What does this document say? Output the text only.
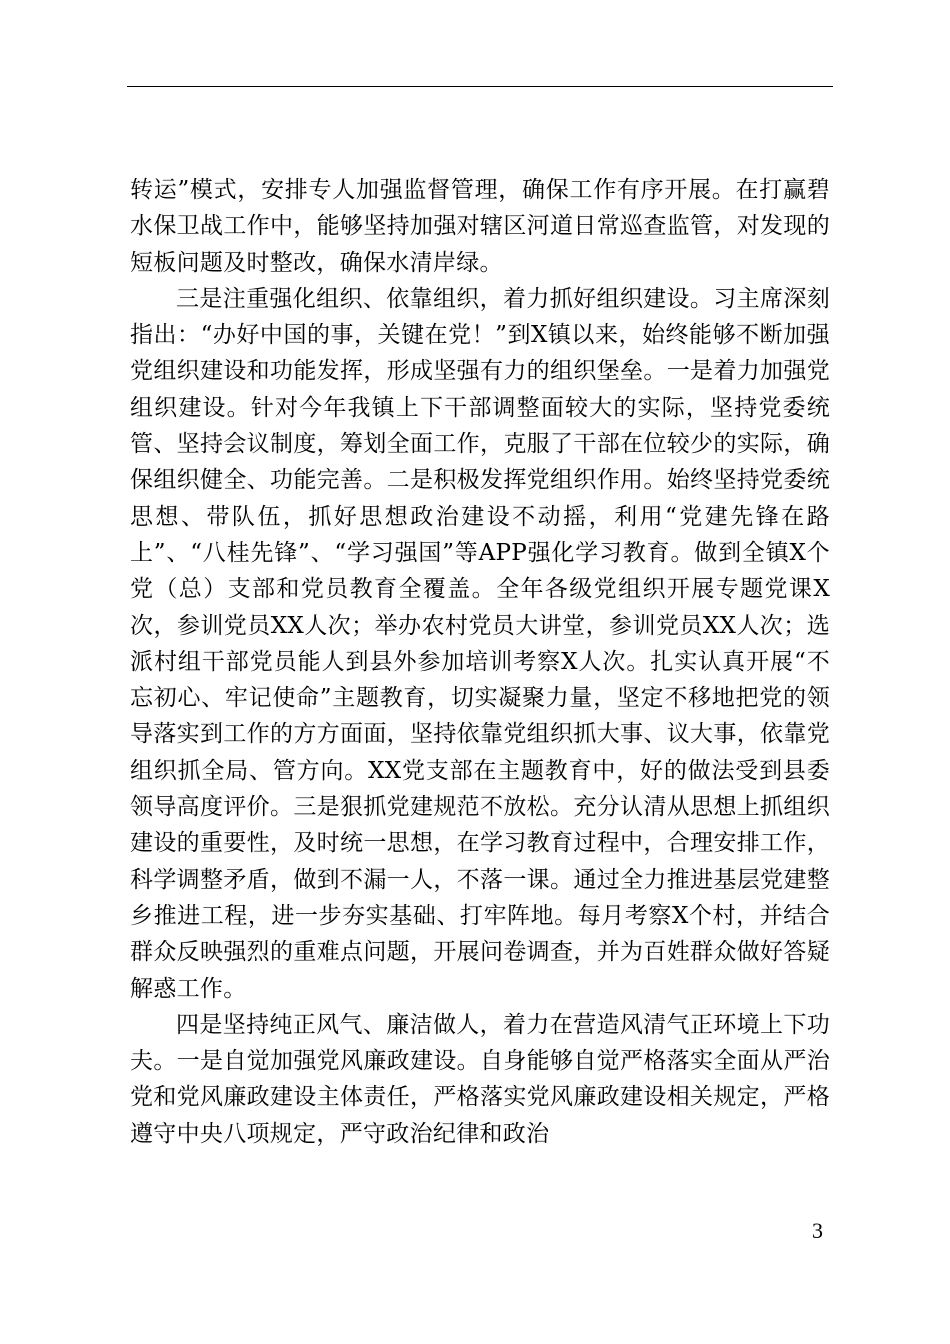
转运”模式，安排专人加强监督管理，确保工作有序开展。在打赢碧水保卫战工作中，能够坚持加强对辖区河道日常巡查监管，对发现的短板问题及时整改，确保水清岸绿。

三是注重强化组织、依靠组织，着力抓好组织建设。习主席深刻指出：“办好中国的事，关键在党！”到X镇以来，始终能够不断加强党组织建设和功能发挥，形成坚强有力的组织堡垒。一是着力加强党组织建设。针对今年我镇上下干部调整面较大的实际，坚持党委统管、坚持会议制度，筹划全面工作，克服了干部在位较少的实际，确保组织健全、功能完善。二是积极发挥党组织作用。始终坚持党委统思想、带队伍，抓好思想政治建设不动摇，利用“党建先锋在路上”、“八桂先锋”、“学习强国”等APP强化学习教育。做到全镇X个党（总）支部和党员教育全覆盖。全年各级党组织开展专题党课X次，参训党员XX人次；举办农村党员大讲堂，参训党员XX人次；选派村组干部党员能人到县外参加培训考察X人次。扎实认真开展“不忘初心、牢记使命”主题教育，切实凝聚力量，坚定不移地把党的领导落实到工作的方方面面，坚持依靠党组织抓大事、议大事，依靠党组织抓全局、管方向。XX党支部在主题教育中，好的做法受到县委领导高度评价。三是狠抓党建规范不放松。充分认清从思想上抓组织建设的重要性，及时统一思想，在学习教育过程中，合理安排工作，科学调整矛盾，做到不漏一人，不落一课。通过全力推进基层党建整乡推进工程，进一步夯实基础、打牢阵地。每月考察X个村，并结合群众反映强烈的重难点问题，开展问卷调查，并为百姓群众做好答疑解惑工作。

四是坚持纯正风气、廉洁做人，着力在营造风清气正环境上下功夫。一是自觉加强党风廉政建设。自身能够自觉严格落实全面从严治党和党风廉政建设主体责任，严格落实党风廉政建设相关规定，严格遵守中央八项规定，严守政治纪律和政治

3
